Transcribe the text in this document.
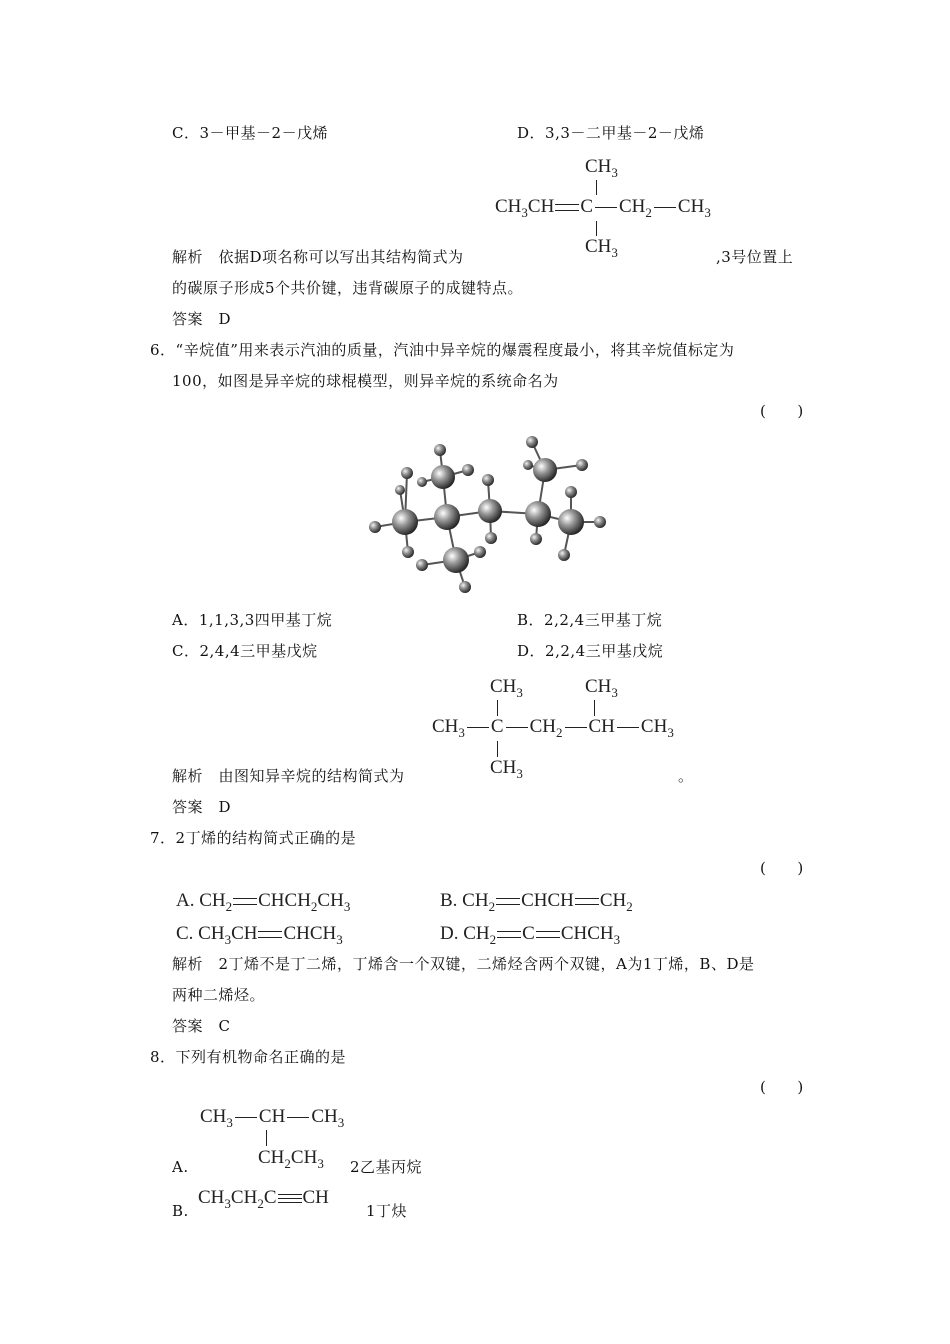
C．3－甲基－2－戊烯	D．3,3－二甲基－2－戊烯
$CH_3$
$CH_3CH$ C $CH_2$ $CH_3$
$CH_3$
解析　依据D项名称可以写出其结构简式为	,3号位置上
的碳原子形成5个共价键，违背碳原子的成键特点。
答案　D
6．“辛烷值”用来表示汽油的质量，汽油中异辛烷的爆震程度最小，将其辛烷值标定为
100，如图是异辛烷的球棍模型，则异辛烷的系统命名为
(　　)
A．1,1,3,3四甲基丁烷	B．2,2,4三甲基丁烷
C．2,4,4三甲基戊烷	D．2,2,4三甲基戊烷
$CH_3$	$CH_3$
$CH_3$ C $CH_2$ CH $CH_3$
$CH_3$
解析　由图知异辛烷的结构简式为	。
答案　D
7．2丁烯的结构简式正确的是
(　　)
A. $CH_2$ $CHCH_2CH_3$	B. $CH_2$ CHCH $CH_2$
C. $CH_3CH$ $CHCH_3$	D. $CH_2$ C $CHCH_3$
解析　2丁烯不是丁二烯，丁烯含一个双键，二烯烃含两个双键，A为1丁烯，B、D是
两种二烯烃。
答案　C
8．下列有机物命名正确的是
(　　)
$CH_3$ CH $CH_3$
$CH_2CH_3$
A.	2乙基丙烷
$CH_3CH_2C$ CH
B.	1丁炔
